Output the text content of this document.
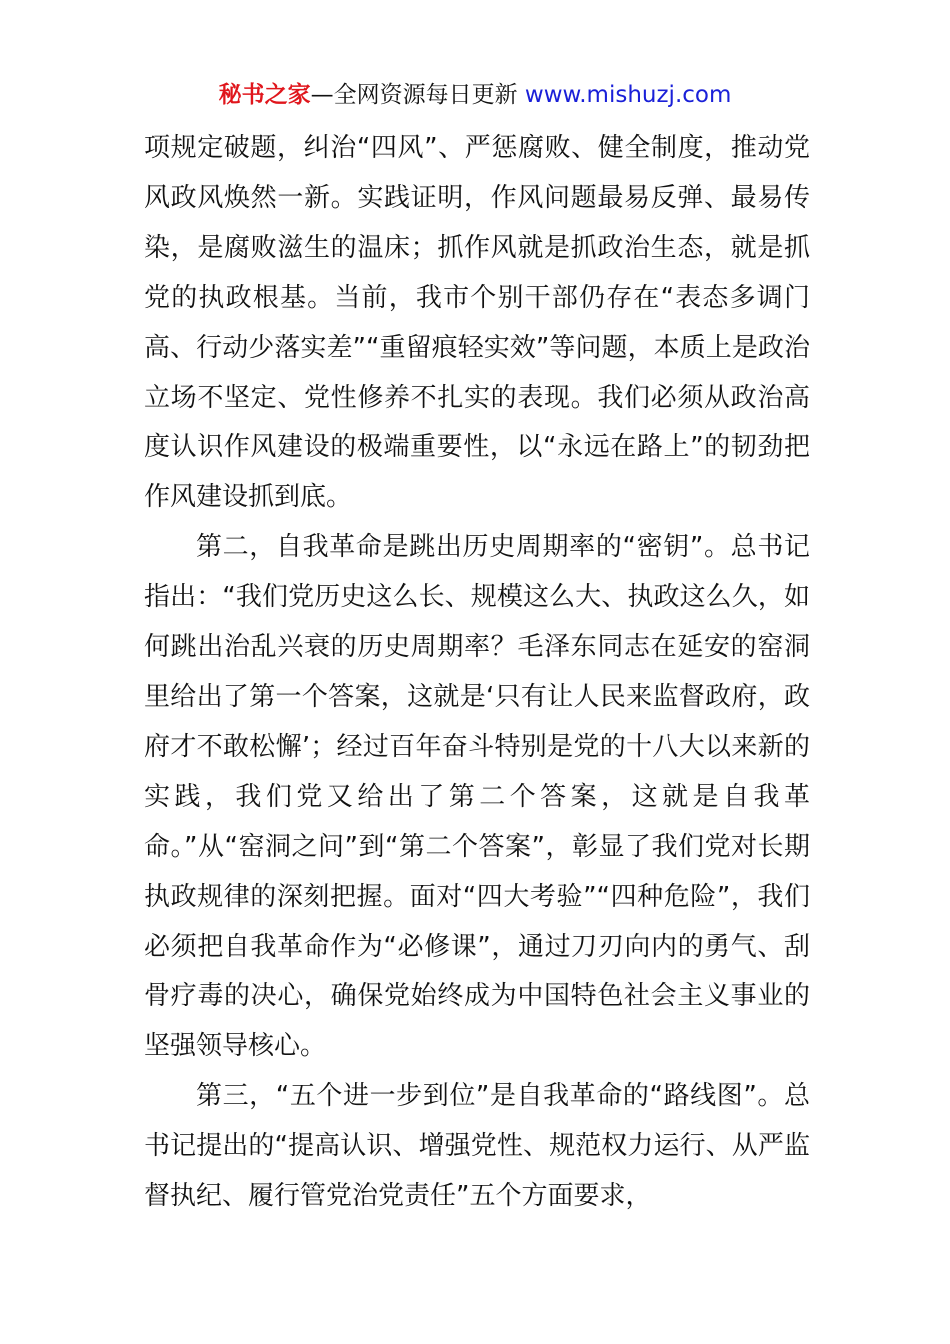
秘书之家—全网资源每日更新 www.mishuzj.com

项规定破题，纠治“四风”、严惩腐败、健全制度，推动党风政风焕然一新。实践证明，作风问题最易反弹、最易传染，是腐败滋生的温床；抓作风就是抓政治生态，就是抓党的执政根基。当前，我市个别干部仍存在“表态多调门高、行动少落实差”“重留痕轻实效”等问题，本质上是政治立场不坚定、党性修养不扎实的表现。我们必须从政治高度认识作风建设的极端重要性，以“永远在路上”的韧劲把作风建设抓到底。

第二，自我革命是跳出历史周期率的“密钥”。总书记指出：“我们党历史这么长、规模这么大、执政这么久，如何跳出治乱兴衰的历史周期率？毛泽东同志在延安的窑洞里给出了第一个答案，这就是‘只有让人民来监督政府，政府才不敢松懈’；经过百年奋斗特别是党的十八大以来新的实践，我们党又给出了第二个答案，这就是自我革命。”从“窑洞之问”到“第二个答案”，彰显了我们党对长期执政规律的深刻把握。面对“四大考验”“四种危险”，我们必须把自我革命作为“必修课”，通过刀刃向内的勇气、刮骨疗毒的决心，确保党始终成为中国特色社会主义事业的坚强领导核心。

第三，“五个进一步到位”是自我革命的“路线图”。总书记提出的“提高认识、增强党性、规范权力运行、从严监督执纪、履行管党治党责任”五个方面要求，
